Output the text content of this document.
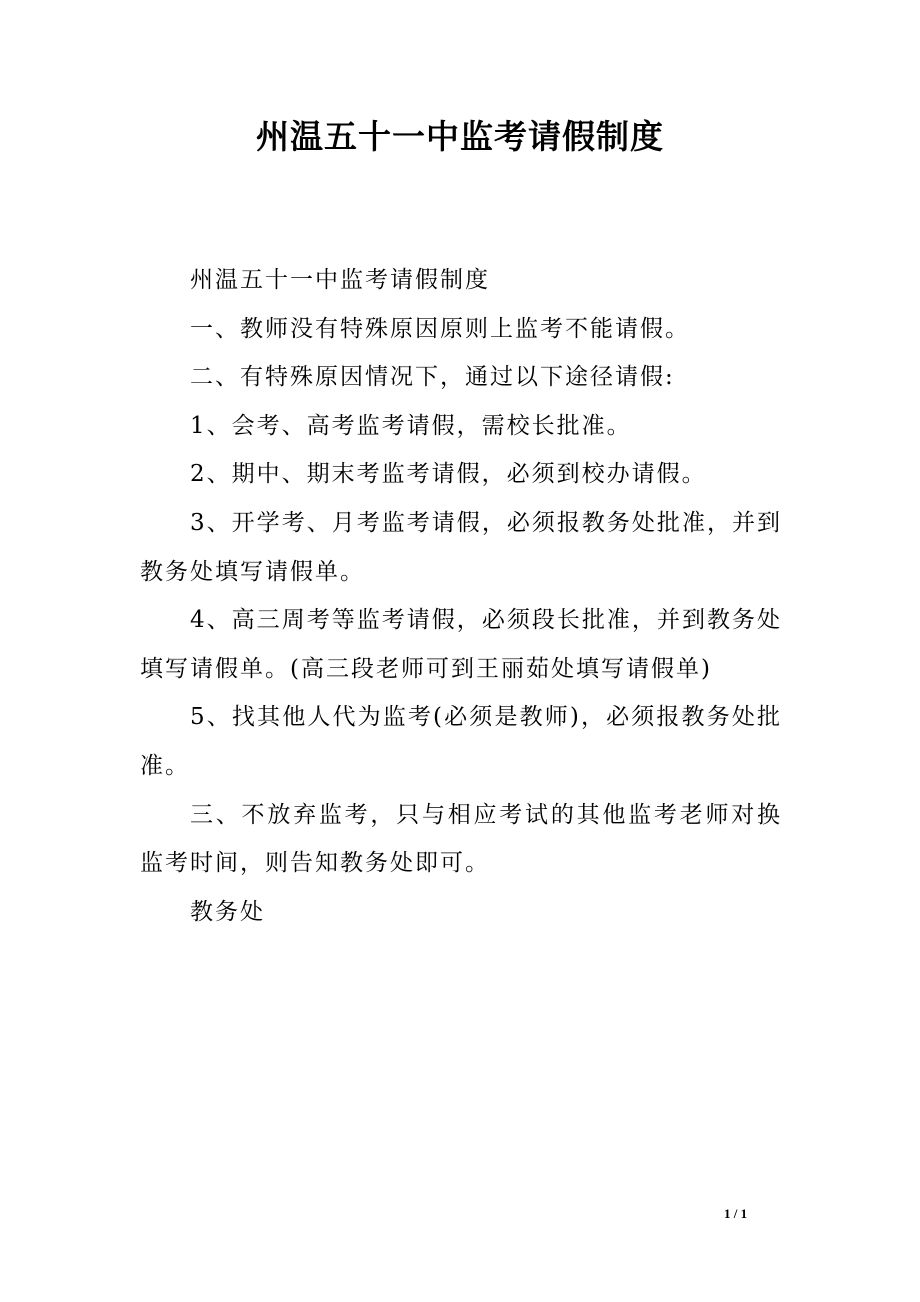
州温五十一中监考请假制度

州温五十一中监考请假制度

一、教师没有特殊原因原则上监考不能请假。

二、有特殊原因情况下，通过以下途径请假:

1、会考、高考监考请假，需校长批准。

2、期中、期末考监考请假，必须到校办请假。

3、开学考、月考监考请假，必须报教务处批准，并到教务处填写请假单。

4、高三周考等监考请假，必须段长批准，并到教务处填写请假单。(高三段老师可到王丽茹处填写请假单)

5、找其他人代为监考(必须是教师)，必须报教务处批准。

三、不放弃监考，只与相应考试的其他监考老师对换监考时间，则告知教务处即可。

教务处

1 / 1
